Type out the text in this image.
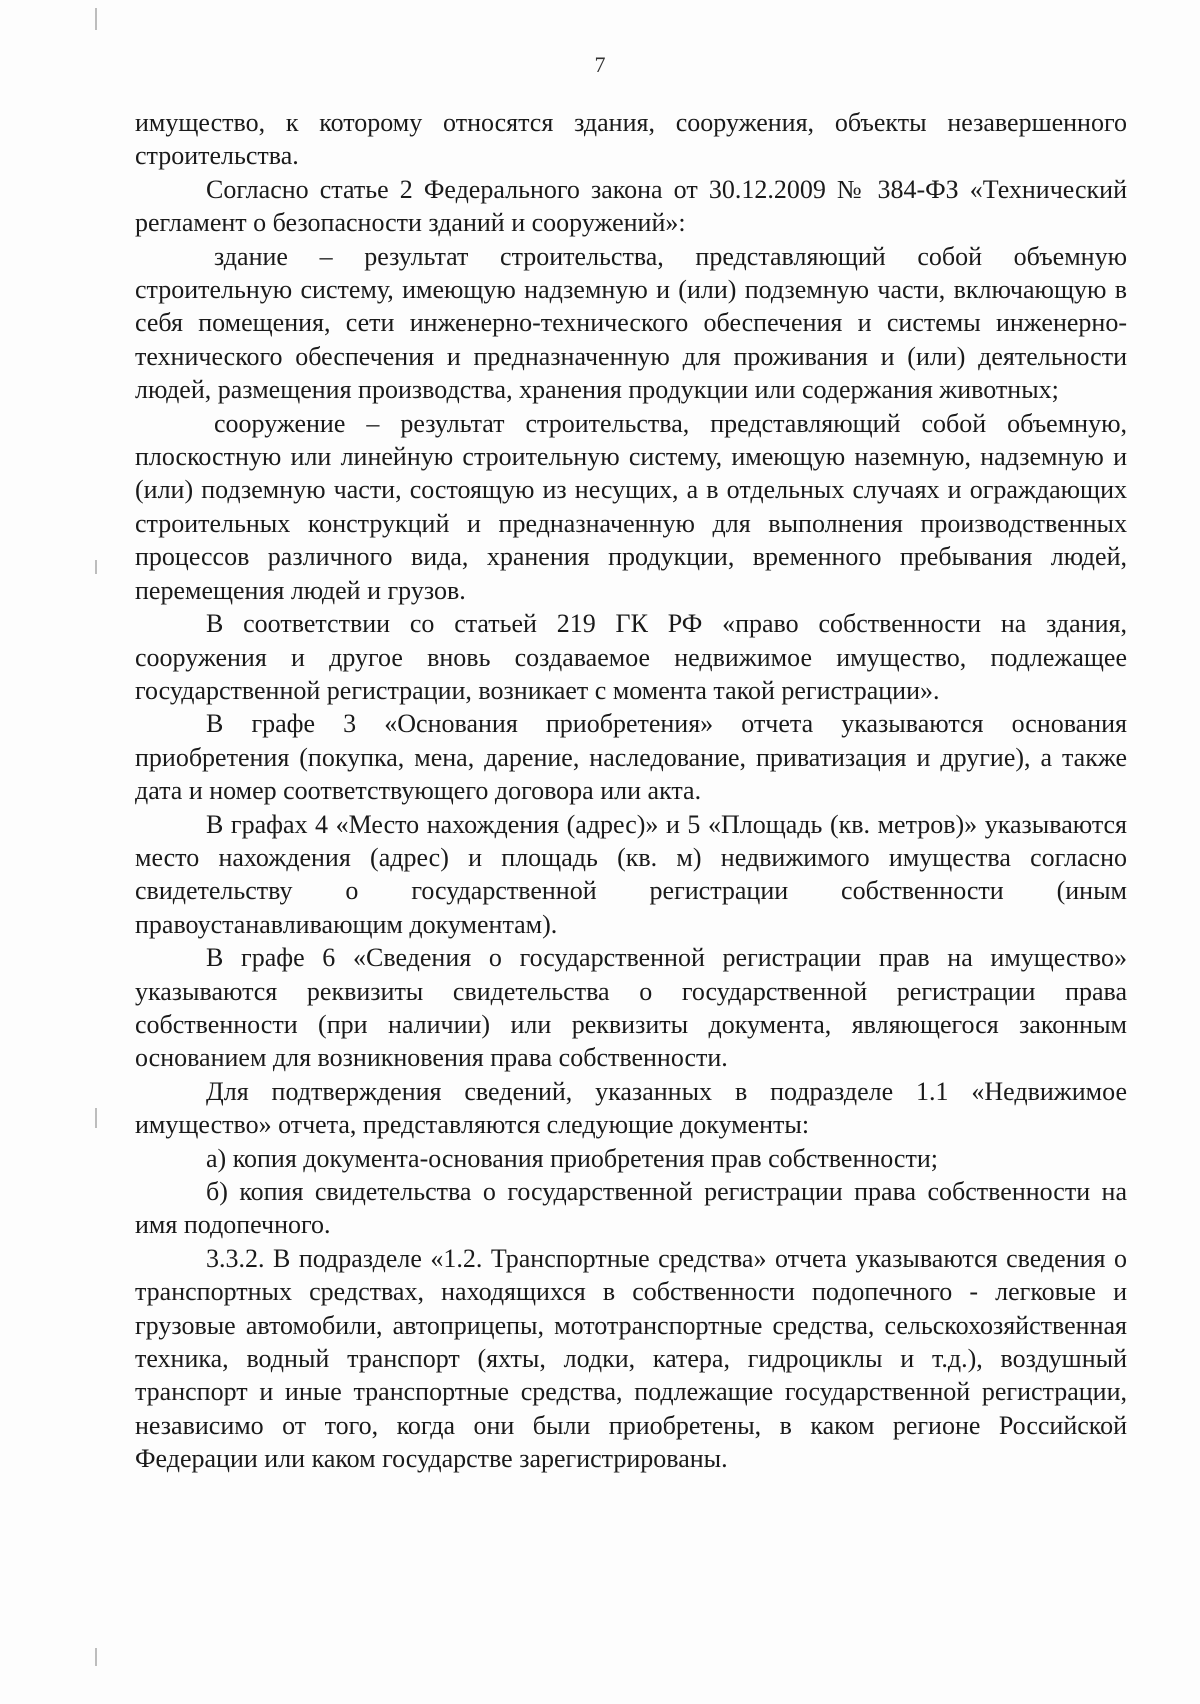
7

имущество, к которому относятся здания, сооружения, объекты незавершенного строительства.

Согласно статье 2 Федерального закона от 30.12.2009 № 384-ФЗ «Технический регламент о безопасности зданий и сооружений»:

здание – результат строительства, представляющий собой объемную строительную систему, имеющую надземную и (или) подземную части, включающую в себя помещения, сети инженерно-технического обеспечения и системы инженерно-технического обеспечения и предназначенную для проживания и (или) деятельности людей, размещения производства, хранения продукции или содержания животных;

сооружение – результат строительства, представляющий собой объемную, плоскостную или линейную строительную систему, имеющую наземную, надземную и (или) подземную части, состоящую из несущих, а в отдельных случаях и ограждающих строительных конструкций и предназначенную для выполнения производственных процессов различного вида, хранения продукции, временного пребывания людей, перемещения людей и грузов.

В соответствии со статьей 219 ГК РФ «право собственности на здания, сооружения и другое вновь создаваемое недвижимое имущество, подлежащее государственной регистрации, возникает с момента такой регистрации».

В графе 3 «Основания приобретения» отчета указываются основания приобретения (покупка, мена, дарение, наследование, приватизация и другие), а также дата и номер соответствующего договора или акта.

В графах 4 «Место нахождения (адрес)» и 5 «Площадь (кв. метров)» указываются место нахождения (адрес) и площадь (кв. м) недвижимого имущества согласно свидетельству о государственной регистрации собственности (иным правоустанавливающим документам).

В графе 6 «Сведения о государственной регистрации прав на имущество» указываются реквизиты свидетельства о государственной регистрации права собственности (при наличии) или реквизиты документа, являющегося законным основанием для возникновения права собственности.

Для подтверждения сведений, указанных в подразделе 1.1 «Недвижимое имущество» отчета, представляются следующие документы:

а) копия документа-основания приобретения прав собственности;

б) копия свидетельства о государственной регистрации права собственности на имя подопечного.

3.3.2. В подразделе «1.2. Транспортные средства» отчета указываются сведения о транспортных средствах, находящихся в собственности подопечного - легковые и грузовые автомобили, автоприцепы, мототранспортные средства, сельскохозяйственная техника, водный транспорт (яхты, лодки, катера, гидроциклы и т.д.), воздушный транспорт и иные транспортные средства, подлежащие государственной регистрации, независимо от того, когда они были приобретены, в каком регионе Российской Федерации или каком государстве зарегистрированы.
